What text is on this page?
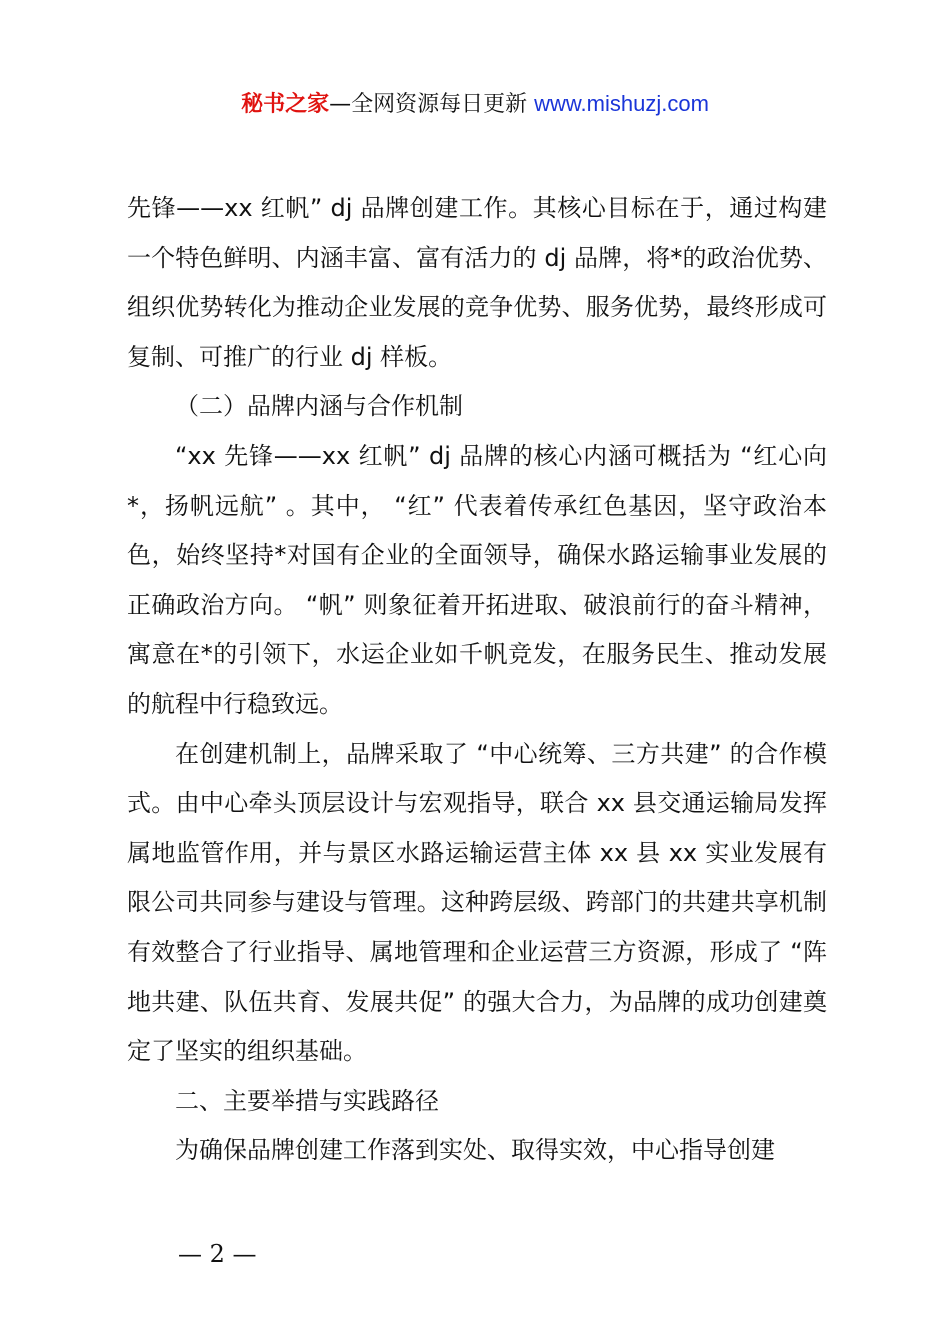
秘书之家—全网资源每日更新 www.mishuzj.com

先锋——xx 红帆” dj 品牌创建工作。其核心目标在于，通过构建一个特色鲜明、内涵丰富、富有活力的 dj 品牌，将*的政治优势、组织优势转化为推动企业发展的竞争优势、服务优势，最终形成可复制、可推广的行业 dj 样板。

（二）品牌内涵与合作机制

“xx 先锋——xx 红帆” dj 品牌的核心内涵可概括为 “红心向*，扬帆远航” 。其中， “红” 代表着传承红色基因，坚守政治本色，始终坚持*对国有企业的全面领导，确保水路运输事业发展的正确政治方向。 “帆” 则象征着开拓进取、破浪前行的奋斗精神，寓意在*的引领下，水运企业如千帆竞发，在服务民生、推动发展的航程中行稳致远。

在创建机制上，品牌采取了 “中心统筹、三方共建” 的合作模式。由中心牵头顶层设计与宏观指导，联合 xx 县交通运输局发挥属地监管作用，并与景区水路运输运营主体 xx 县 xx 实业发展有限公司共同参与建设与管理。这种跨层级、跨部门的共建共享机制有效整合了行业指导、属地管理和企业运营三方资源，形成了 “阵地共建、队伍共育、发展共促” 的强大合力，为品牌的成功创建奠定了坚实的组织基础。

二、主要举措与实践路径

为确保品牌创建工作落到实处、取得实效，中心指导创建

— 2 —
